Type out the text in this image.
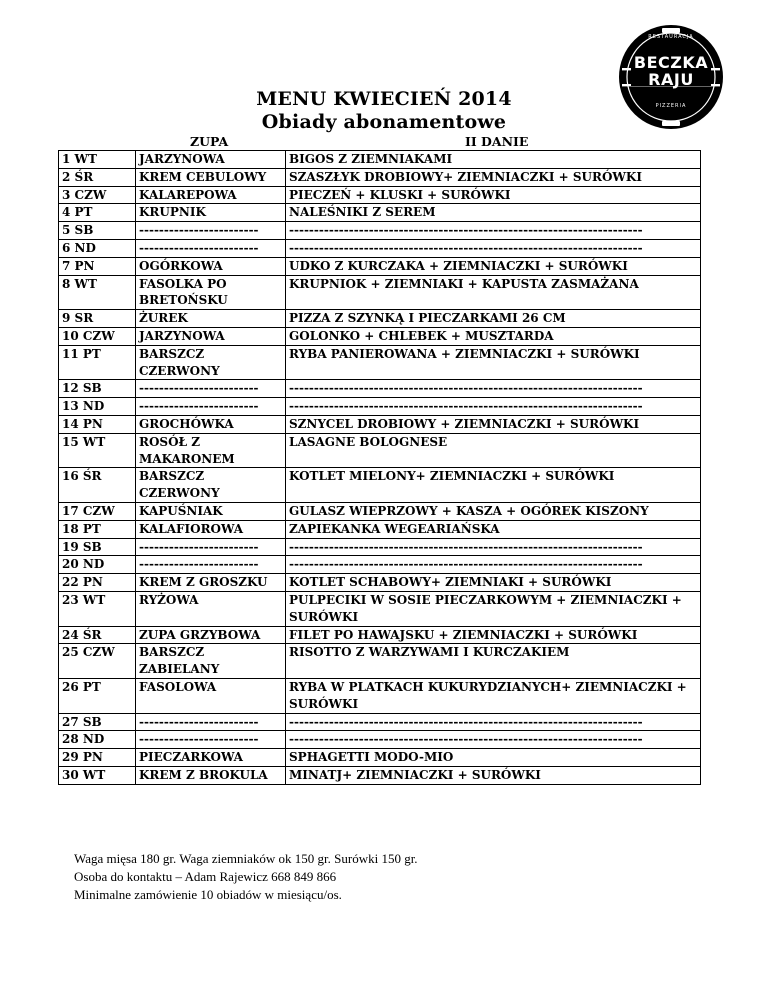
BECZKA
RAJU
RESTAURACJA
PIZZERIA
MENU KWIECIEŃ 2014
Obiady abonamentowe
ZUPA	II DANIE
1 WT	JARZYNOWA	BIGOS Z ZIEMNIAKAMI
2 ŚR	KREM CEBULOWY	SZASZŁYK DROBIOWY+ ZIEMNIACZKI + SURÓWKI
3 CZW	KALAREPOWA	PIECZEŃ + KLUSKI + SURÓWKI
4 PT	KRUPNIK	NALEŚNIKI Z SEREM
5 SB	------------------------	-----------------------------------------------------------------------
6 ND	------------------------	-----------------------------------------------------------------------
7 PN	OGÓRKOWA	UDKO Z KURCZAKA + ZIEMNIACZKI + SURÓWKI
8 WT	FASOLKA PO BRETOŃSKU	KRUPNIOK + ZIEMNIAKI + KAPUSTA ZASMAŻANA
9 SR	ŻUREK	PIZZA Z SZYNKĄ I PIECZARKAMI 26 CM
10 CZW	JARZYNOWA	GOLONKO + CHLEBEK + MUSZTARDA
11 PT	BARSZCZ CZERWONY	RYBA PANIEROWANA + ZIEMNIACZKI + SURÓWKI
12 SB	------------------------	-----------------------------------------------------------------------
13 ND	------------------------	-----------------------------------------------------------------------
14 PN	GROCHÓWKA	SZNYCEL DROBIOWY + ZIEMNIACZKI + SURÓWKI
15 WT	ROSÓŁ Z MAKARONEM	LASAGNE BOLOGNESE
16 ŚR	BARSZCZ CZERWONY	KOTLET MIELONY+ ZIEMNIACZKI + SURÓWKI
17 CZW	KAPUŚNIAK	GULASZ WIEPRZOWY + KASZA + OGÓREK KISZONY
18 PT	KALAFIOROWA	ZAPIEKANKA WEGEARIAŃSKA
19 SB	------------------------	-----------------------------------------------------------------------
20 ND	------------------------	-----------------------------------------------------------------------
22 PN	KREM Z GROSZKU	KOTLET SCHABOWY+ ZIEMNIAKI + SURÓWKI
23 WT	RYŻOWA	PULPECIKI W SOSIE PIECZARKOWYM + ZIEMNIACZKI + SURÓWKI
24 ŚR	ZUPA GRZYBOWA	FILET PO HAWAJSKU + ZIEMNIACZKI + SURÓWKI
25 CZW	BARSZCZ ZABIELANY	RISOTTO Z WARZYWAMI I KURCZAKIEM
26 PT	FASOLOWA	RYBA W PLATKACH KUKURYDZIANYCH+ ZIEMNIACZKI + SURÓWKI
27 SB	------------------------	-----------------------------------------------------------------------
28 ND	------------------------	-----------------------------------------------------------------------
29 PN	PIECZARKOWA	SPHAGETTI MODO-MIO
30 WT	KREM Z BROKULA	MINATJ+ ZIEMNIACZKI + SURÓWKI
Waga mięsa 180 gr. Waga ziemniaków ok 150 gr. Surówki 150 gr.
Osoba do kontaktu – Adam Rajewicz 668 849 866
Minimalne zamówienie 10 obiadów w miesiącu/os.
